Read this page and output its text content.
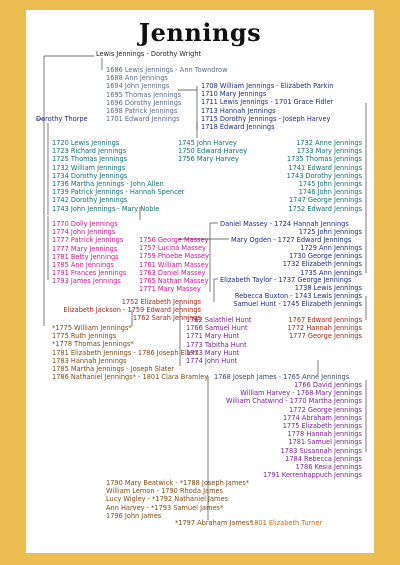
Jennings
Lewis Jennings - Dorothy Wright
1686 Lewis Jennings - Ann Towndrow
1688 Ann Jennings
1694 John Jennings
1695 Thomas Jennings
1696 Dorothy Jennings
1698 Patrick Jennings
1701 Edward Jennings
Dorothy Thorpe
1708 William Jennings - Elizabeth Parkin
1710 Mary Jennings
1711 Lewis Jennings - 1701 Grace Fidler
1713 Hannah Jennings
1715 Dorothy Jennings - Joseph Harvey
1718 Edward Jennings
1720 Lewis Jennings
1723 Richard Jennings
1725 Thomas Jennings
1732 William Jennings
1734 Dorothy Jennings
1736 Martha Jennings - John Allen
1739 Patrick Jennings - Hannah Spencer
1742 Dorothy Jennings
1743 John Jennings - Mary Noble
1745 John Harvey
1750 Edward Harvey
1756 Mary Harvey
1732 Anne Jennings
1733 Mary Jennings
1735 Thomas Jennings
1741 Edward Jennings
1743 Dorothy Jennings
1745 John Jennings
1746 John Jennings
1747 George Jennings
1752 Edward Jennings
1770 Dolly Jennings
1774 John Jennings
1777 Patrick Jennings
1777 Mary Jennings
1781 Betty Jennings
1785 Ann Jennings
1791 Frances Jennings
1793 James Jennings
1756 George Massey
1757 Lucina Massey
1759 Phoebe Massey
1761 William Massey
1763 Daniel Massey
1765 Nathan Massey
1771 Mary Massey
Daniel Massey - 1724 Hannah Jennings
1725 John Jennings
Mary Ogden - 1727 Edward Jennings
1729 Ann Jennings
1730 George Jennings
1732 Elizabeth Jennings
1735 Ann Jennings
Elizabeth Taylor - 1737 George Jennings
1738 Lewis Jennings
Rebecca Buxton - 1743 Lewis Jennings
Samuel Hunt - 1745 Elizabeth Jennings
1752 Elizabeth Jennings
Elizabeth Jackson - 1759 Edward Jennings
1762 Sarah Jennings
1762 Salathiel Hunt
1766 Samuel Hunt
1771 Mary Hunt
1773 Tabitha Hunt
1773 Mary Hunt
1774 John Hunt
1767 Edward Jennings
1772 Hannah Jennings
1777 George Jennings
*1775 William Jennings*
1775 Ruth Jennings
*1778 Thomas Jennings*
1781 Elizabeth Jennings - 1786 Joseph Ellers
1783 Hannah Jennings
1785 Martha Jennings - Joseph Slater
1786 Nathaniel Jennings* - 1801 Clara Bramley 1768 Joseph James - 1765 Anne Jennings
1766 David Jennings
William Harvey - 1768 Mary Jennings
William Chatwind - 1770 Martha Jennings
1772 George Jennings
1774 Abraham Jennings
1775 Elizabeth Jennings
1778 Hannah Jennings
1781 Samuel Jennings
1783 Susannah Jennings
1784 Rebecca Jennings
1786 Kesia Jennings
1791 Kerrenhappuch Jennings
1790 Mary Beatwick - *1788 Joseph James*
William Lemon - 1790 Rhoda James
Lucy Wigley - *1792 Nathaniel James
Ann Harvey - *1793 Samuel James*
1796 John James
*1797 Abraham James* -
1801 Elizabeth Turner
